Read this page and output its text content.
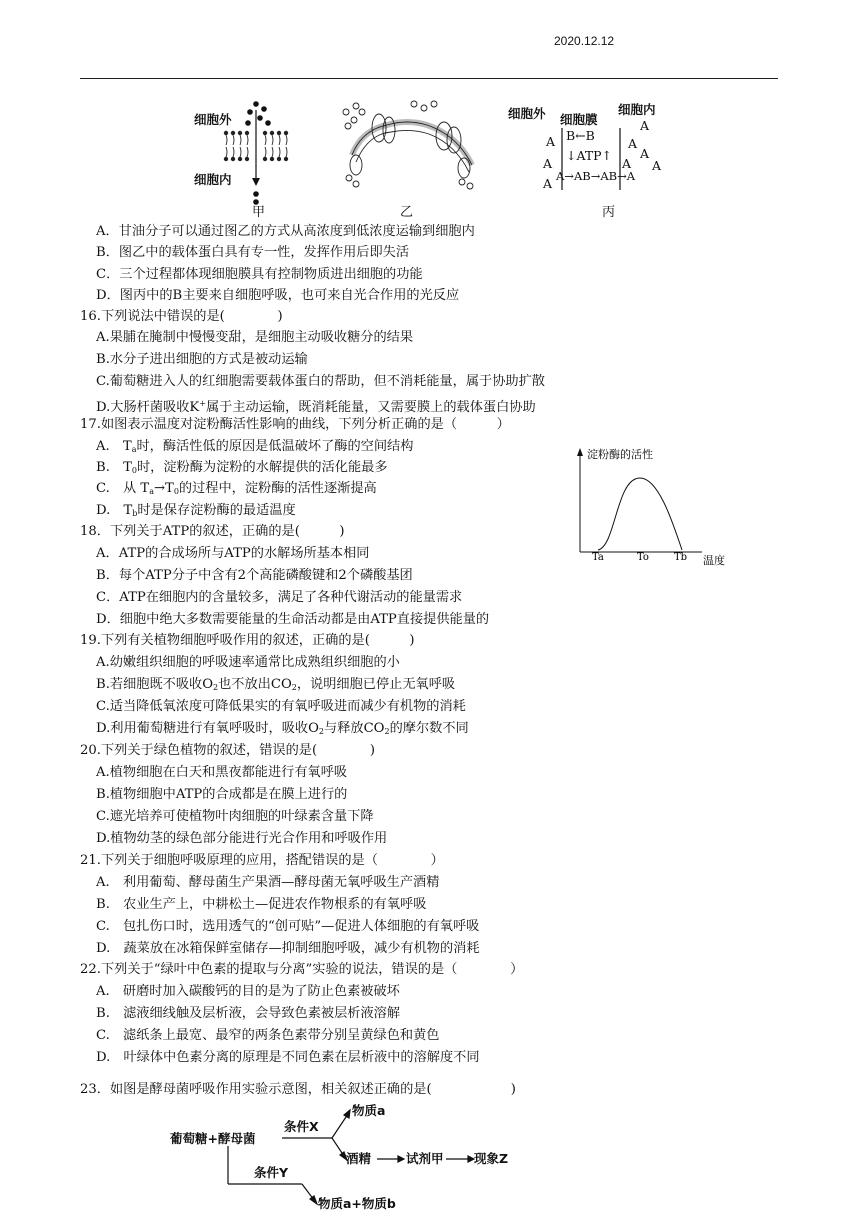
2020.12.12
细胞外
细胞内
甲	乙
细胞外 细胞膜
细胞内
A
A
A
B←B
↓ATP↑
A→AB→AB→A
A
A
A
A A
丙
A．甘油分子可以通过图乙的方式从高浓度到低浓度运输到细胞内
B．图乙中的载体蛋白具有专一性，发挥作用后即失活
C．三个过程都体现细胞膜具有控制物质进出细胞的功能
D．图丙中的B主要来自细胞呼吸，也可来自光合作用的光反应
16.下列说法中错误的是(　　　　)
A.果脯在腌制中慢慢变甜，是细胞主动吸收糖分的结果
B.水分子进出细胞的方式是被动运输
C.葡萄糖进入人的红细胞需要载体蛋白的帮助，但不消耗能量，属于协助扩散
D.大肠杆菌吸收K+属于主动运输，既消耗能量，又需要膜上的载体蛋白协助
17.如图表示温度对淀粉酶活性影响的曲线，下列分析正确的是（　　　）
A.　$T_a$时，酶活性低的原因是低温破坏了酶的空间结构
B.　$T_0$时，淀粉酶为淀粉的水解提供的活化能最多
C.　从 $T_a\to T_0$的过程中，淀粉酶的活性逐渐提高
D.　$T_b$时是保存淀粉酶的最适温度
淀粉酶的活性
温度
Ta	To	Tb
18．下列关于ATP的叙述，正确的是(　　　)
A．ATP的合成场所与ATP的水解场所基本相同
B．每个ATP分子中含有2个高能磷酸键和2个磷酸基团
C．ATP在细胞内的含量较多，满足了各种代谢活动的能量需求
D．细胞中绝大多数需要能量的生命活动都是由ATP直接提供能量的
19.下列有关植物细胞呼吸作用的叙述，正确的是(　　　)
A.幼嫩组织细胞的呼吸速率通常比成熟组织细胞的小
B.若细胞既不吸收$O_2$也不放出$CO_2$，说明细胞已停止无氧呼吸
C.适当降低氧浓度可降低果实的有氧呼吸进而减少有机物的消耗
D.利用葡萄糖进行有氧呼吸时，吸收$O_2$与释放$CO_2$的摩尔数不同
20.下列关于绿色植物的叙述，错误的是(　　　　)
A.植物细胞在白天和黑夜都能进行有氧呼吸
B.植物细胞中ATP的合成都是在膜上进行的
C.遮光培养可使植物叶肉细胞的叶绿素含量下降
D.植物幼茎的绿色部分能进行光合作用和呼吸作用
21.下列关于细胞呼吸原理的应用，搭配错误的是（　　　　）
A.　利用葡萄、酵母菌生产果酒—酵母菌无氧呼吸生产酒精
B.　农业生产上，中耕松土—促进农作物根系的有氧呼吸
C.　包扎伤口时，选用透气的“创可贴”—促进人体细胞的有氧呼吸
D.　蔬菜放在冰箱保鲜室储存—抑制细胞呼吸，减少有机物的消耗
22.下列关于“绿叶中色素的提取与分离”实验的说法，错误的是（　　　　）
A.　研磨时加入碳酸钙的目的是为了防止色素被破坏
B.　滤液细线触及层析液，会导致色素被层析液溶解
C.　滤纸条上最宽、最窄的两条色素带分别呈黄绿色和黄色
D.　叶绿体中色素分离的原理是不同色素在层析液中的溶解度不同
23．如图是酵母菌呼吸作用实验示意图，相关叙述正确的是(　　　　　　)
葡萄糖+酵母菌
条件X
物质a
酒精	试剂甲 现象Z
条件Y
物质a+物质b
